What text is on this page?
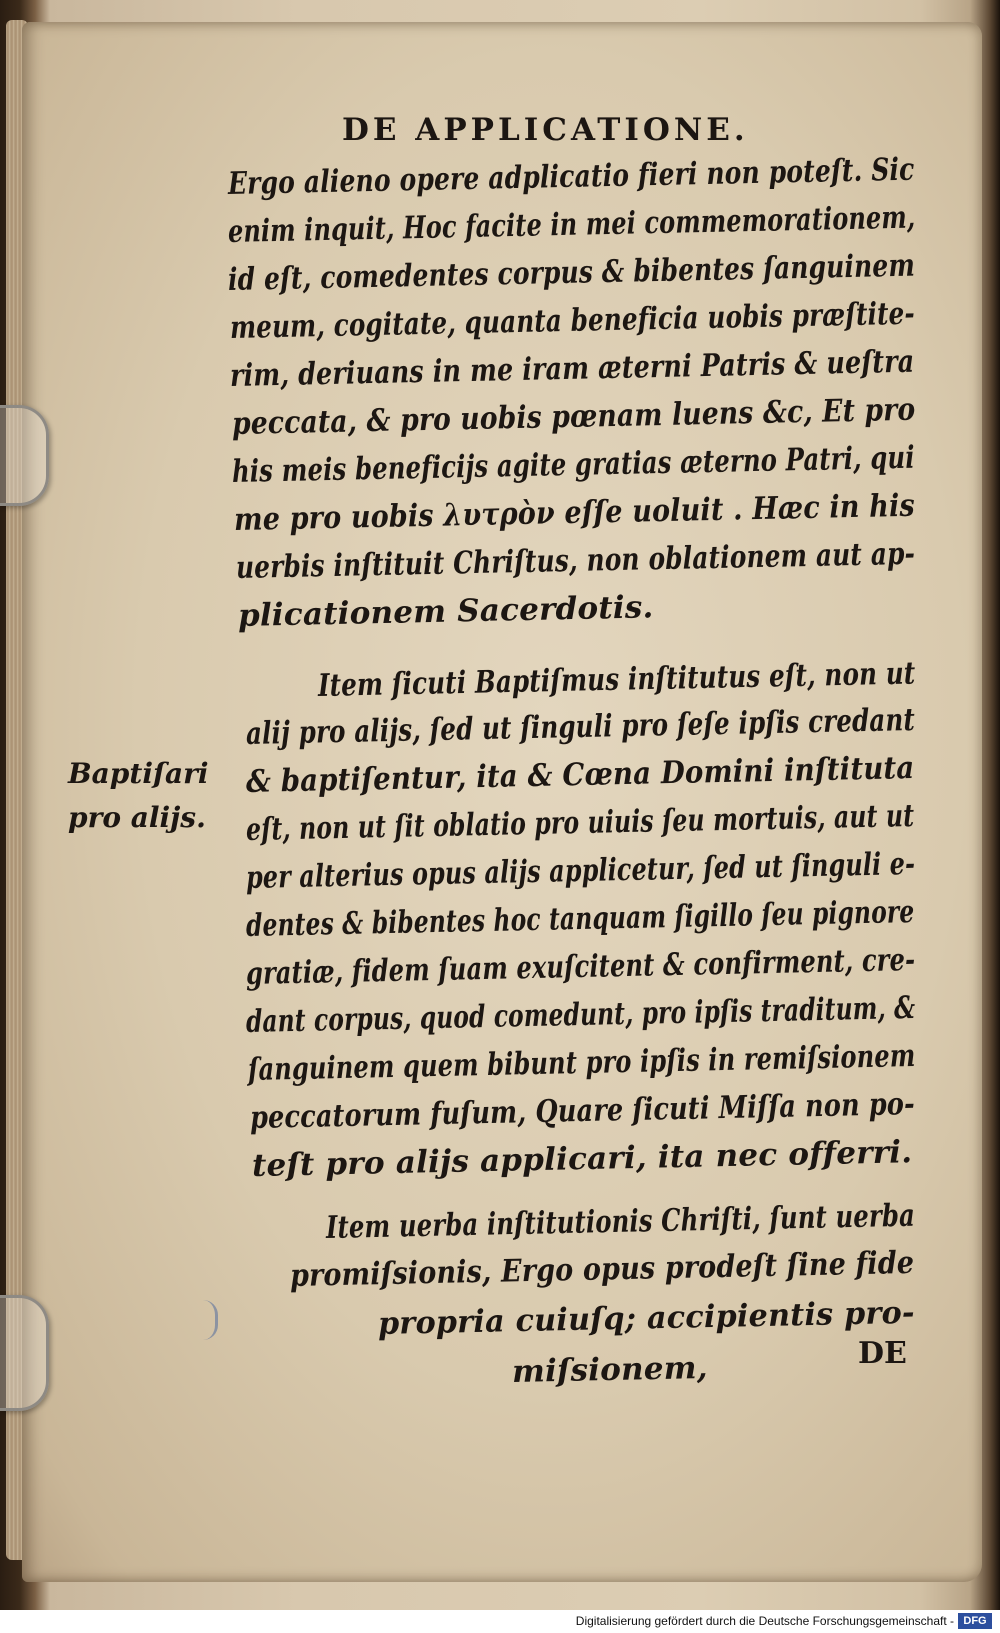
DE APPLICATIONE.
Ergo alieno opere adplicatio fieri non poteſt. Sic
enim inquit, Hoc facite in mei commemorationem,
id eſt, comedentes corpus & bibentes ſanguinem
meum, cogitate, quanta beneficia uobis præſtite-
rim, deriuans in me iram æterni Patris & ueſtra
peccata, & pro uobis pœnam luens &c, Et pro
his meis beneficijs agite gratias æterno Patri, qui
me pro uobis λυτρὸν eſſe uoluit . Hæc in his
uerbis inſtituit Chriſtus, non oblationem aut ap-
plicationem Sacerdotis.
Item ſicuti Baptiſmus inſtitutus eſt, non ut
alij pro alijs, ſed ut ſinguli pro ſeſe ipſis credant
& baptiſentur, ita & Cœna Domini inſtituta
eſt, non ut ſit oblatio pro uiuis ſeu mortuis, aut ut
per alterius opus alijs applicetur, ſed ut ſinguli e-
dentes & bibentes hoc tanquam ſigillo ſeu pignore
gratiæ, fidem ſuam exuſcitent & confirment, cre-
dant corpus, quod comedunt, pro ipſis traditum, &
ſanguinem quem bibunt pro ipſis in remiſsionem
peccatorum fuſum, Quare ſicuti Miſſa non po-
teſt pro alijs applicari, ita nec offerri.
Item uerba inſtitutionis Chriſti, ſunt uerba
promiſsionis, Ergo opus prodeſt ſine fide
propria cuiuſq; accipientis pro-
miſsionem,
Baptiſari
pro alijs.
DE
Digitalisierung gefördert durch die Deutsche Forschungsgemeinschaft - DFG
